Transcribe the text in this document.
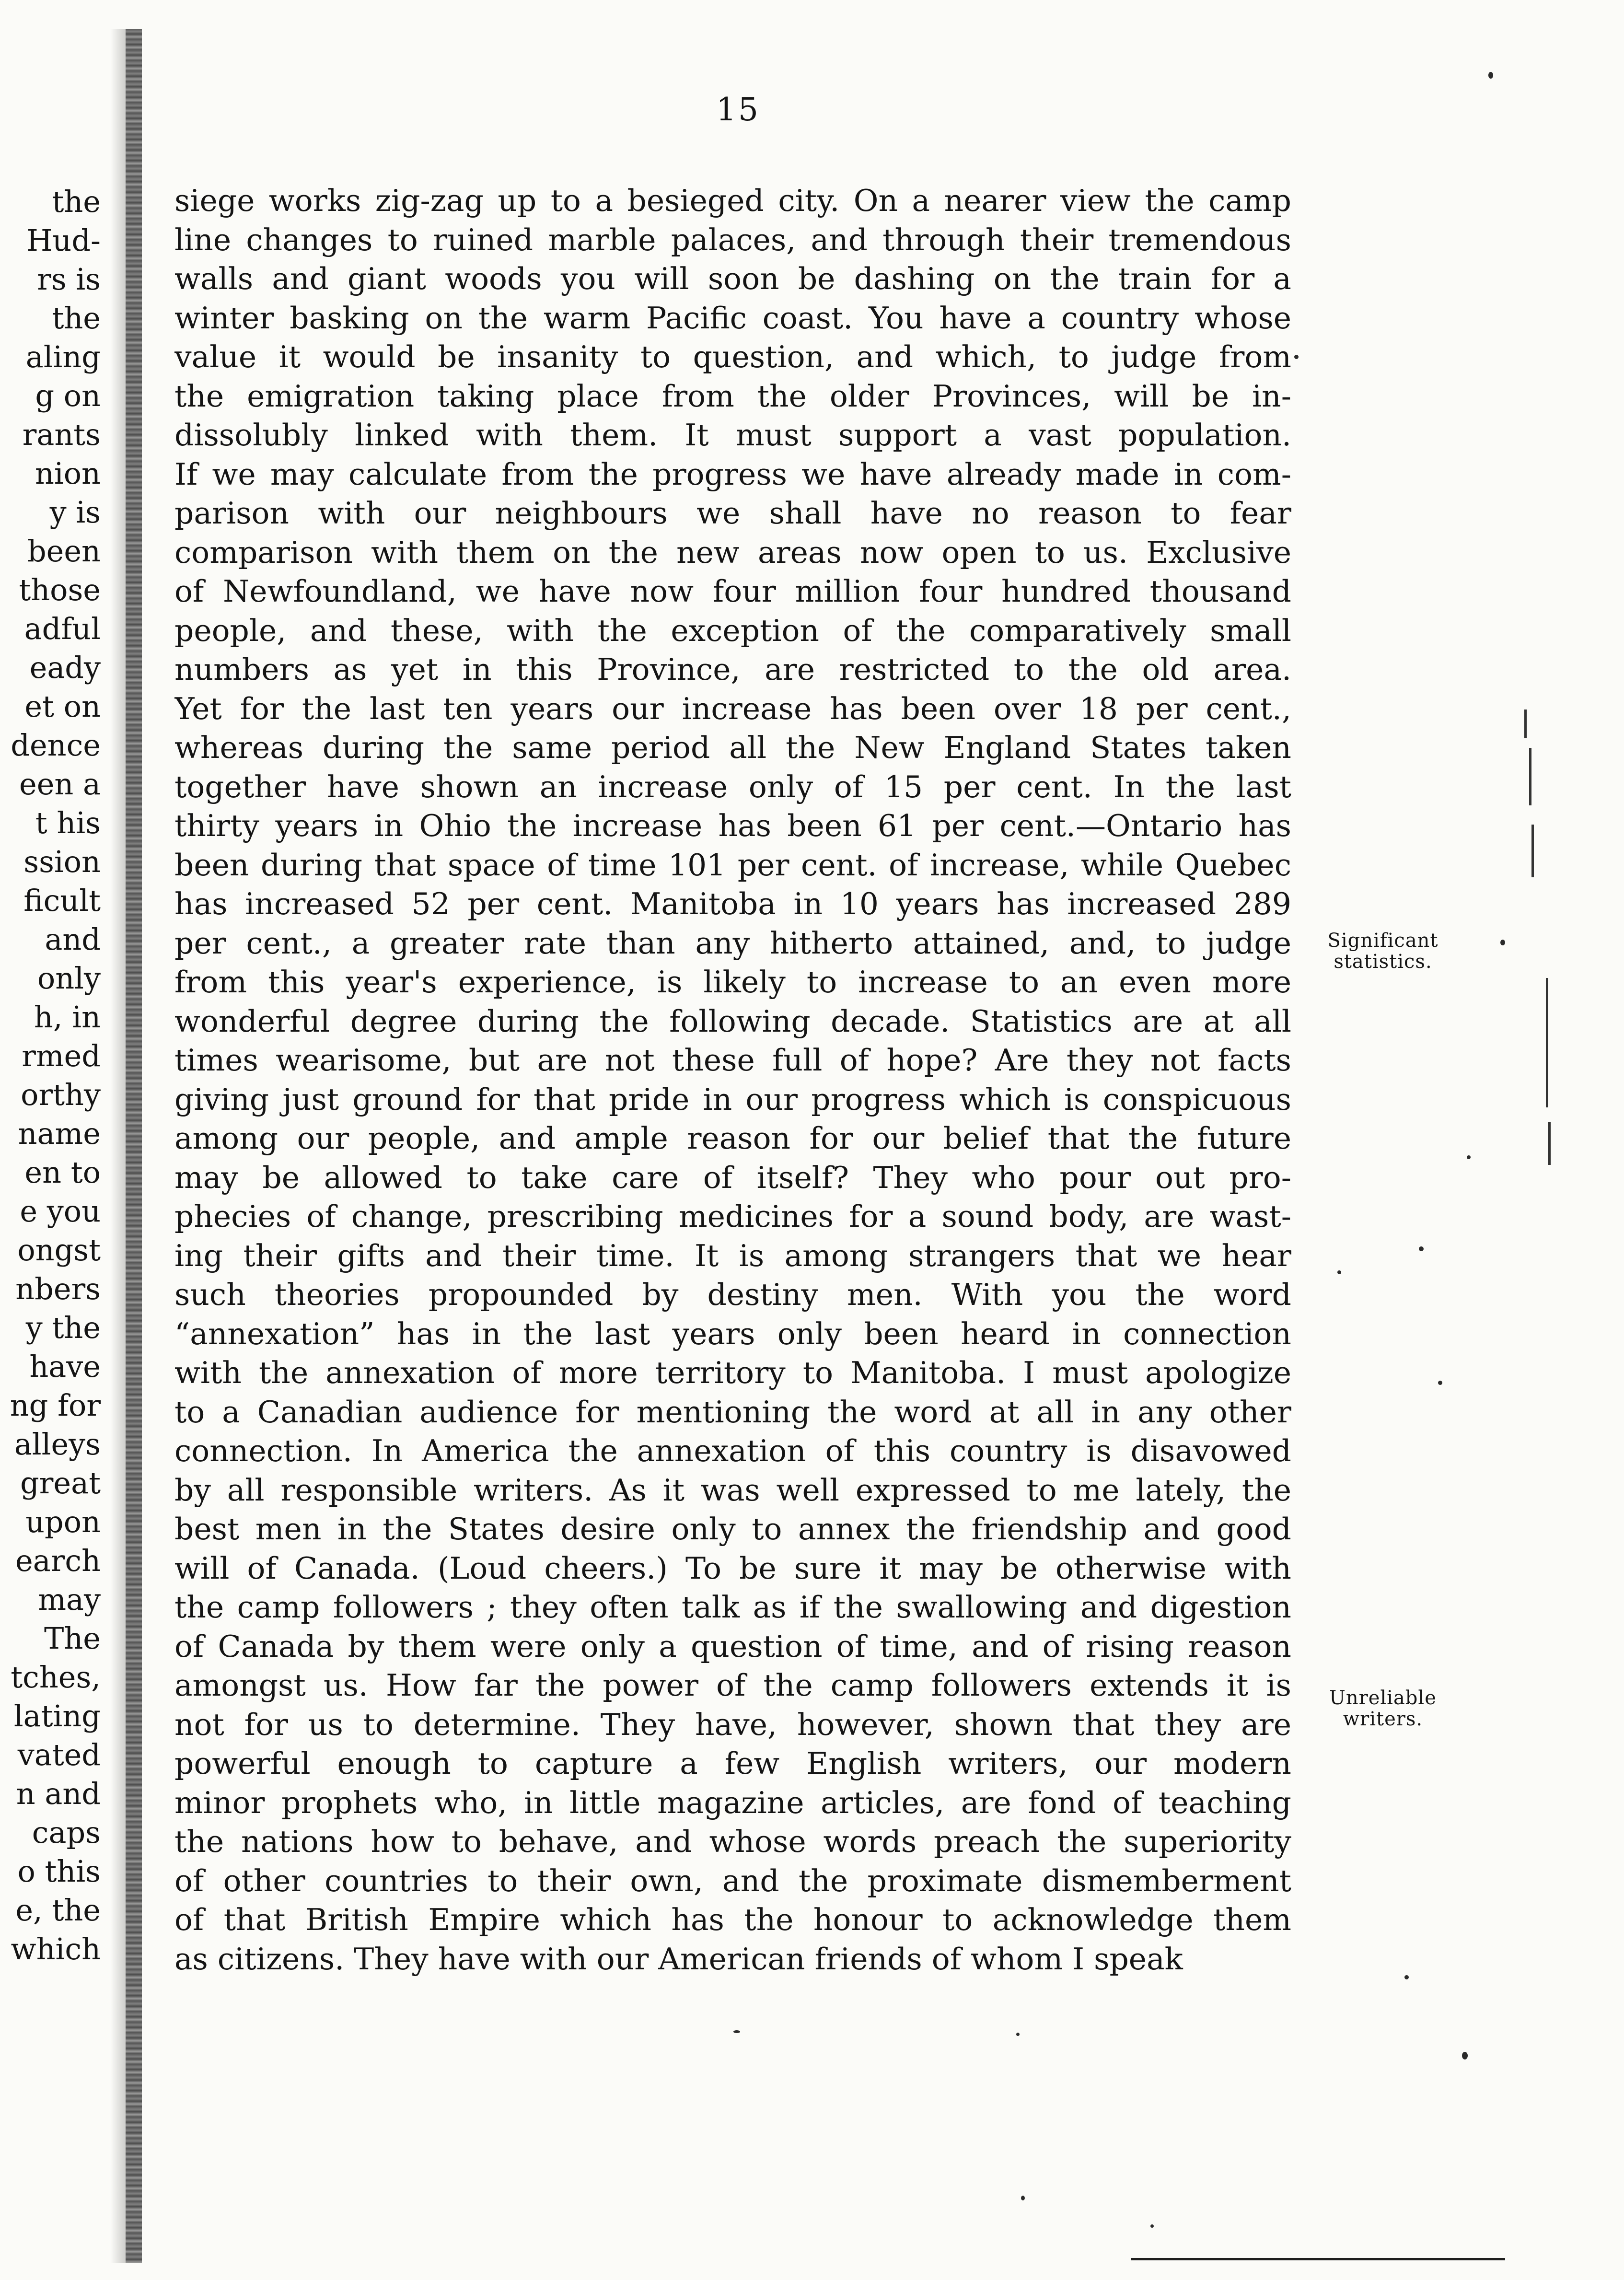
15
the
Hud-
rs is
the
aling
g on
rants
nion
y is
been
those
adful
eady
et on
dence
een a
t his
ssion
ficult
and
only
h, in
rmed
orthy
name
en to
e you
ongst
nbers
y the
have
ng for
alleys
great
upon
earch
may
The
tches,
lating
vated
n and
caps
o this
e, the
which
siege works zig-zag up to a besieged city. On a nearer view the camp
line changes to ruined marble palaces, and through their tremendous
walls and giant woods you will soon be dashing on the train for a
winter basking on the warm Pacific coast. You have a country whose
value it would be insanity to question, and which, to judge from
the emigration taking place from the older Provinces, will be in-
dissolubly linked with them. It must support a vast population.
If we may calculate from the progress we have already made in com-
parison with our neighbours we shall have no reason to fear
comparison with them on the new areas now open to us. Exclusive
of Newfoundland, we have now four million four hundred thousand
people, and these, with the exception of the comparatively small
numbers as yet in this Province, are restricted to the old area.
Yet for the last ten years our increase has been over 18 per cent.,
whereas during the same period all the New England States taken
together have shown an increase only of 15 per cent. In the last
thirty years in Ohio the increase has been 61 per cent.—Ontario has
been during that space of time 101 per cent. of increase, while Quebec
has increased 52 per cent. Manitoba in 10 years has increased 289
per cent., a greater rate than any hitherto attained, and, to judge
from this year's experience, is likely to increase to an even more
wonderful degree during the following decade. Statistics are at all
times wearisome, but are not these full of hope? Are they not facts
giving just ground for that pride in our progress which is conspicuous
among our people, and ample reason for our belief that the future
may be allowed to take care of itself? They who pour out pro-
phecies of change, prescribing medicines for a sound body, are wast-
ing their gifts and their time. It is among strangers that we hear
such theories propounded by destiny men. With you the word
“annexation” has in the last years only been heard in connection
with the annexation of more territory to Manitoba. I must apologize
to a Canadian audience for mentioning the word at all in any other
connection. In America the annexation of this country is disavowed
by all responsible writers. As it was well expressed to me lately, the
best men in the States desire only to annex the friendship and good
will of Canada. (Loud cheers.) To be sure it may be otherwise with
the camp followers ; they often talk as if the swallowing and digestion
of Canada by them were only a question of time, and of rising reason
amongst us. How far the power of the camp followers extends it is
not for us to determine. They have, however, shown that they are
powerful enough to capture a few English writers, our modern
minor prophets who, in little magazine articles, are fond of teaching
the nations how to behave, and whose words preach the superiority
of other countries to their own, and the proximate dismemberment
of that British Empire which has the honour to acknowledge them
as citizens. They have with our American friends of whom I speak
Significant
statistics.
Unreliable
writers.
